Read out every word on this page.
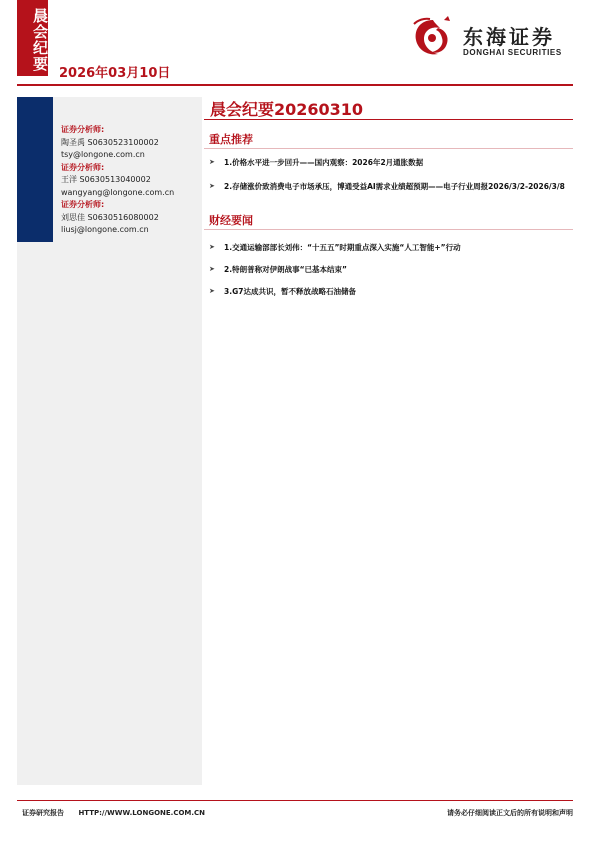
晨会纪要
2026年03月10日
东海证券
DONGHAI SECURITIES
证券分析师:
陶圣禹 S0630523100002
tsy@longone.com.cn
证券分析师:
王洋 S0630513040002
wangyang@longone.com.cn
证券分析师:
刘思佳 S0630516080002
liusj@longone.com.cn
晨会纪要20260310
重点推荐
➤ 1.价格水平进一步回升——国内观察：2026年2月通胀数据
➤ 2.存储涨价致消费电子市场承压，博通受益AI需求业绩超预期——电子行业周报2026/3/2-2026/3/8
财经要闻
➤ 1.交通运输部部长刘伟：“十五五”时期重点深入实施“人工智能+”行动
➤ 2.特朗普称对伊朗战事“已基本结束”
➤ 3.G7达成共识，暂不释放战略石油储备
证券研究报告 HTTP://WWW.LONGONE.COM.CN	请务必仔细阅读正文后的所有说明和声明
